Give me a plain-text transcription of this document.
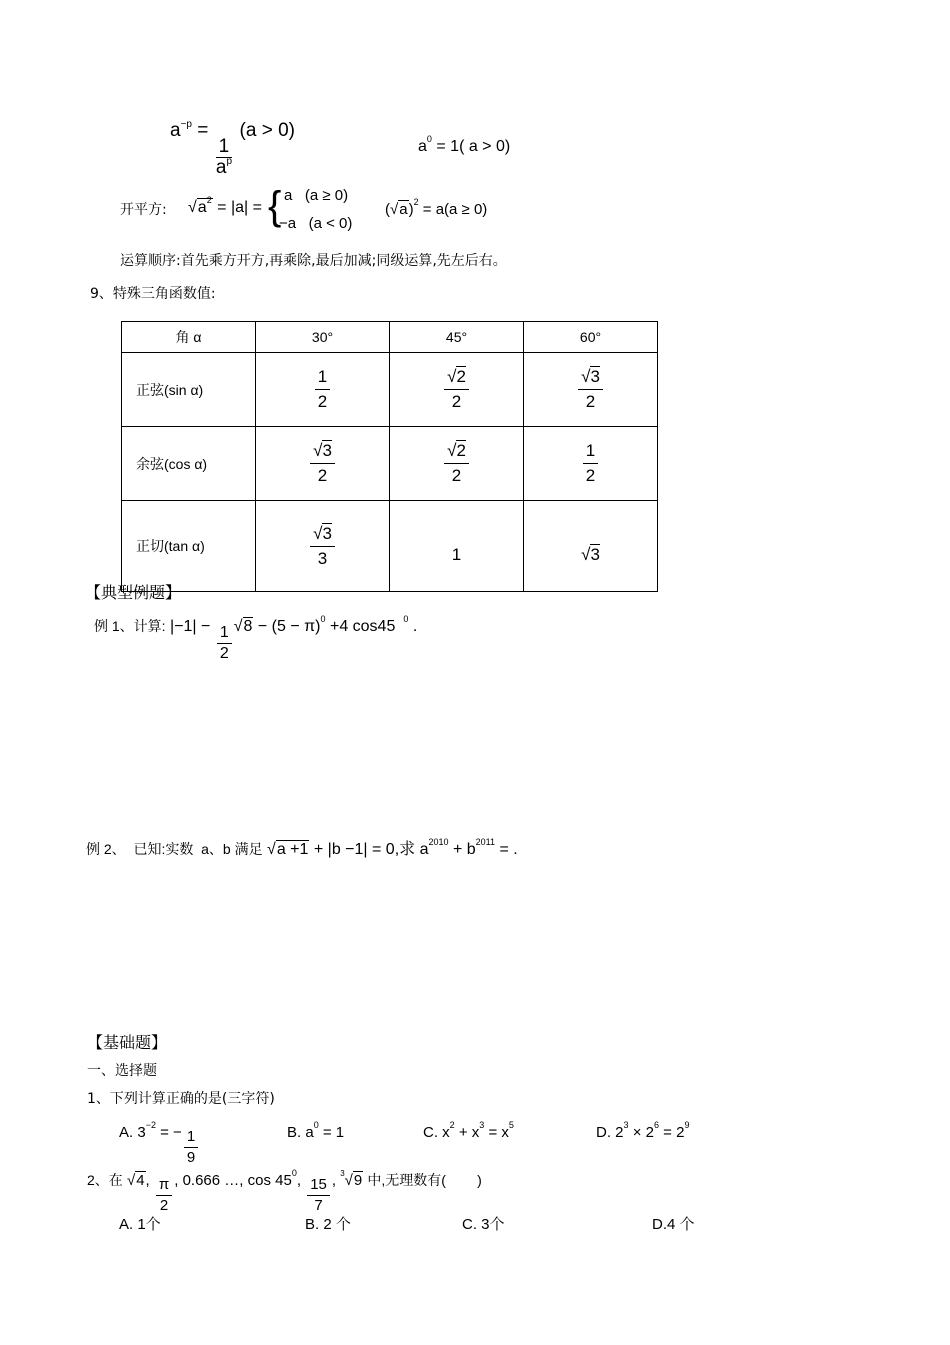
$a^{-p}$ =
$\frac{1}{a^p}$
(a > 0)
$a^0 = 1$( a > 0)
开平方: $√a^2 = |a|$ = { a   (a ≥ 0)
−a   (a < 0)
$(√a)^2 = a(a \ge 0)$
运算顺序:首先乘方开方,再乘除,最后加减;同级运算,先左后右。
9、特殊三角函数值:
角 α	30°	45°	60°
正弦(sin α)	$\frac{1}{2}$	$\frac{√2}{2}$	$\frac{√3}{2}$

余弦(cos α)	$\frac{√3}{2}$	$\frac{√2}{2}$	$\frac{1}{2}$

正切(tan α)	$\frac{√3}{3}$	1	√3
【典型例题】
例 1、计算: $|-1| - \frac{1}{2} √8 - (5 - \pi)^0 +4$ cos45 $^0$ .
例 2、  已知:实数  a、b 满足 √a +1 + |b −1| = 0,求 $a^{2010} + b^{2011}$ = .
【基础题】
一、选择题
1、下列计算正确的是(三字符)
A. $3^{-2}$ = − $\frac{1}{9}$	B. $a^0 = 1$	C. $x^2 + x^3 = x^5$	D. $2^3 \times 2^6 = 2^9$
2、在 √4, $\frac{\pi}{2}$ , 0.666 …, $\cos 45^0$, $\frac{15}{7}$ , $^3$√9 中,无理数有(        )
A. 1个	B. 2 个	C. 3个	D.4 个
